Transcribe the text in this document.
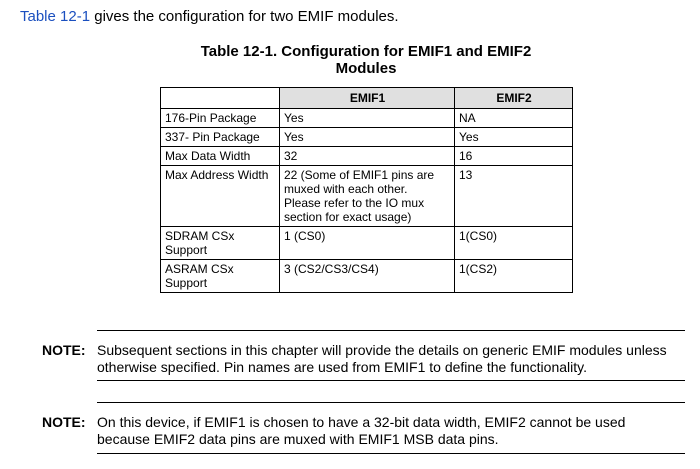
Table 12-1 gives the configuration for two EMIF modules.
Table 12-1. Configuration for EMIF1 and EMIF2
Modules
	EMIF1	EMIF2
176-Pin Package	Yes	NA
337- Pin Package	Yes	Yes
Max Data Width	32	16
Max Address Width	22 (Some of EMIF1 pins are
muxed with each other.
Please refer to the IO mux
section for exact usage)	13
SDRAM CSx
Support	1 (CS0)	1(CS0)
ASRAM CSx
Support	3 (CS2/CS3/CS4)	1(CS2)
NOTE: Subsequent sections in this chapter will provide the details on generic EMIF modules unless
otherwise specified. Pin names are used from EMIF1 to define the functionality.
NOTE: On this device, if EMIF1 is chosen to have a 32-bit data width, EMIF2 cannot be used
because EMIF2 data pins are muxed with EMIF1 MSB data pins.
